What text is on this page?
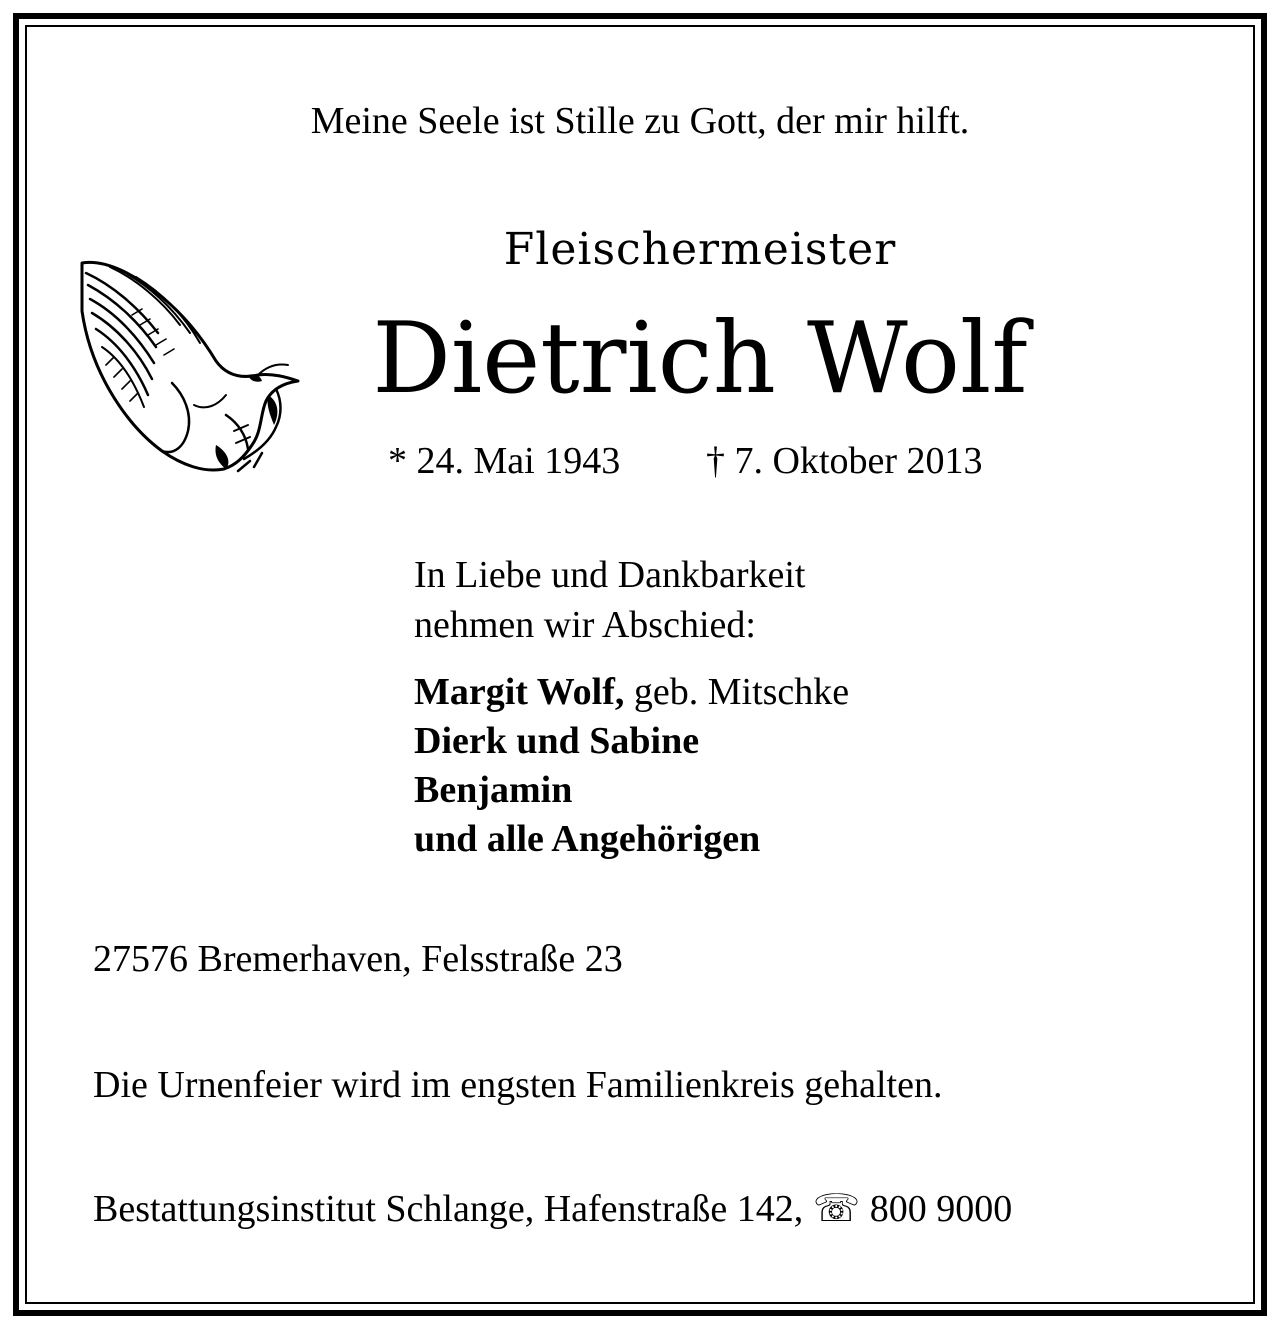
Meine Seele ist Stille zu Gott, der mir hilft.
Fleischermeister
Dietrich Wolf
* 24. Mai 1943 † 7. Oktober 2013
In Liebe und Dankbarkeit
nehmen wir Abschied:
Margit Wolf, geb. Mitschke
Dierk und Sabine
Benjamin
und alle Angehörigen
27576 Bremerhaven, Felsstraße 23
Die Urnenfeier wird im engsten Familienkreis gehalten.
Bestattungsinstitut Schlange, Hafenstraße 142, ☏ 800 9000
